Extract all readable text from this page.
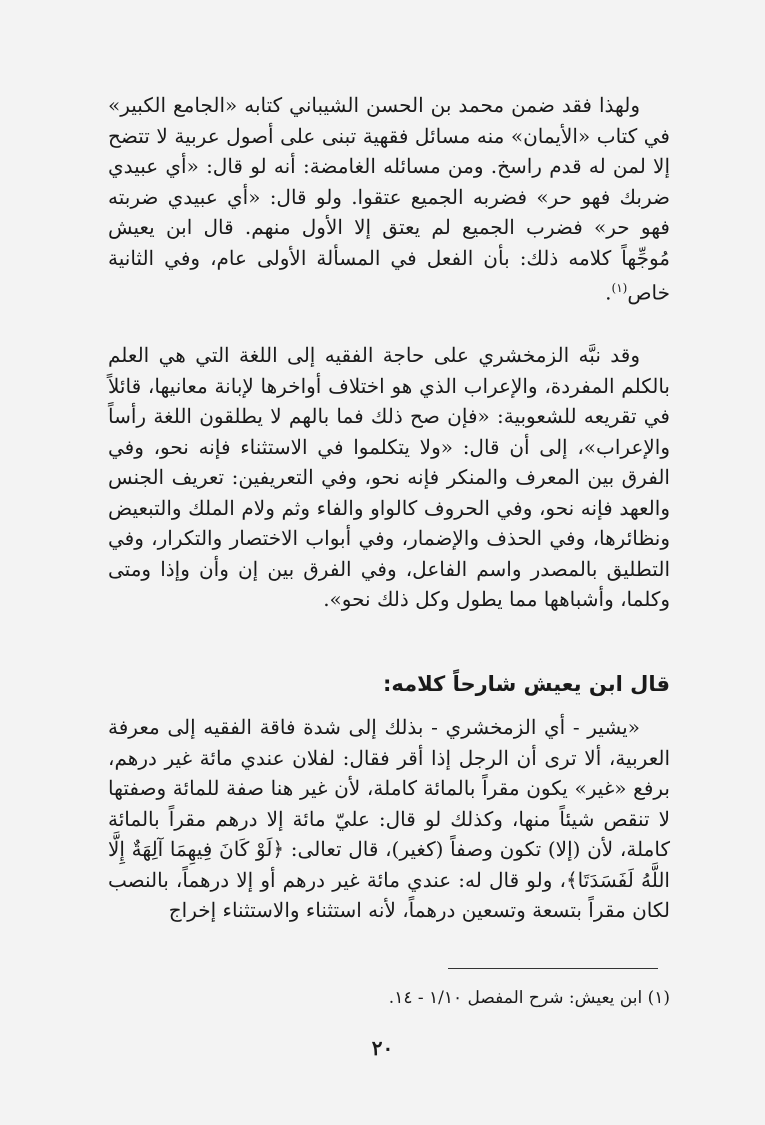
ولهذا فقد ضمن محمد بن الحسن الشيباني كتابه «الجامع الكبير» في كتاب «الأيمان» منه مسائل فقهية تبنى على أصول عربية لا تتضح إلا لمن له قدم راسخ. ومن مسائله الغامضة: أنه لو قال: «أي عبيدي ضربك فهو حر» فضربه الجميع عتقوا. ولو قال: «أي عبيدي ضربته فهو حر» فضرب الجميع لم يعتق إلا الأول منهم. قال ابن يعيش مُوجِّهاً كلامه ذلك: بأن الفعل في المسألة الأولى عام، وفي الثانية خاص$^{(١)}$.

وقد نبَّه الزمخشري على حاجة الفقيه إلى اللغة التي هي العلم بالكلم المفردة، والإعراب الذي هو اختلاف أواخرها لإبانة معانيها، قائلاً في تقريعه للشعوبية: «فإن صح ذلك فما بالهم لا يطلقون اللغة رأساً والإعراب»، إلى أن قال: «ولا يتكلموا في الاستثناء فإنه نحو، وفي الفرق بين المعرف والمنكر فإنه نحو، وفي التعريفين: تعريف الجنس والعهد فإنه نحو، وفي الحروف كالواو والفاء وثم ولام الملك والتبعيض ونظائرها، وفي الحذف والإضمار، وفي أبواب الاختصار والتكرار، وفي التطليق بالمصدر واسم الفاعل، وفي الفرق بين إن وأن وإذا ومتى وكلما، وأشباهها مما يطول وكل ذلك نحو».

قال ابن يعيش شارحاً كلامه:

«يشير - أي الزمخشري - بذلك إلى شدة فاقة الفقيه إلى معرفة العربية، ألا ترى أن الرجل إذا أقر فقال: لفلان عندي مائة غير درهم، برفع «غير» يكون مقراً بالمائة كاملة، لأن غير هنا صفة للمائة وصفتها لا تنقص شيئاً منها، وكذلك لو قال: عليّ مائة إلا درهم مقراً بالمائة كاملة، لأن (إلا) تكون وصفاً (كغير)، قال تعالى: ﴿لَوْ كَانَ فِيهِمَا آلِهَةٌ إِلَّا اللَّهُ لَفَسَدَتَا﴾، ولو قال له: عندي مائة غير درهم أو إلا درهماً، بالنصب لكان مقراً بتسعة وتسعين درهماً، لأنه استثناء والاستثناء إخراج

(١) ابن يعيش: شرح المفصل ١/١٠ - ١٤.
٢٠
